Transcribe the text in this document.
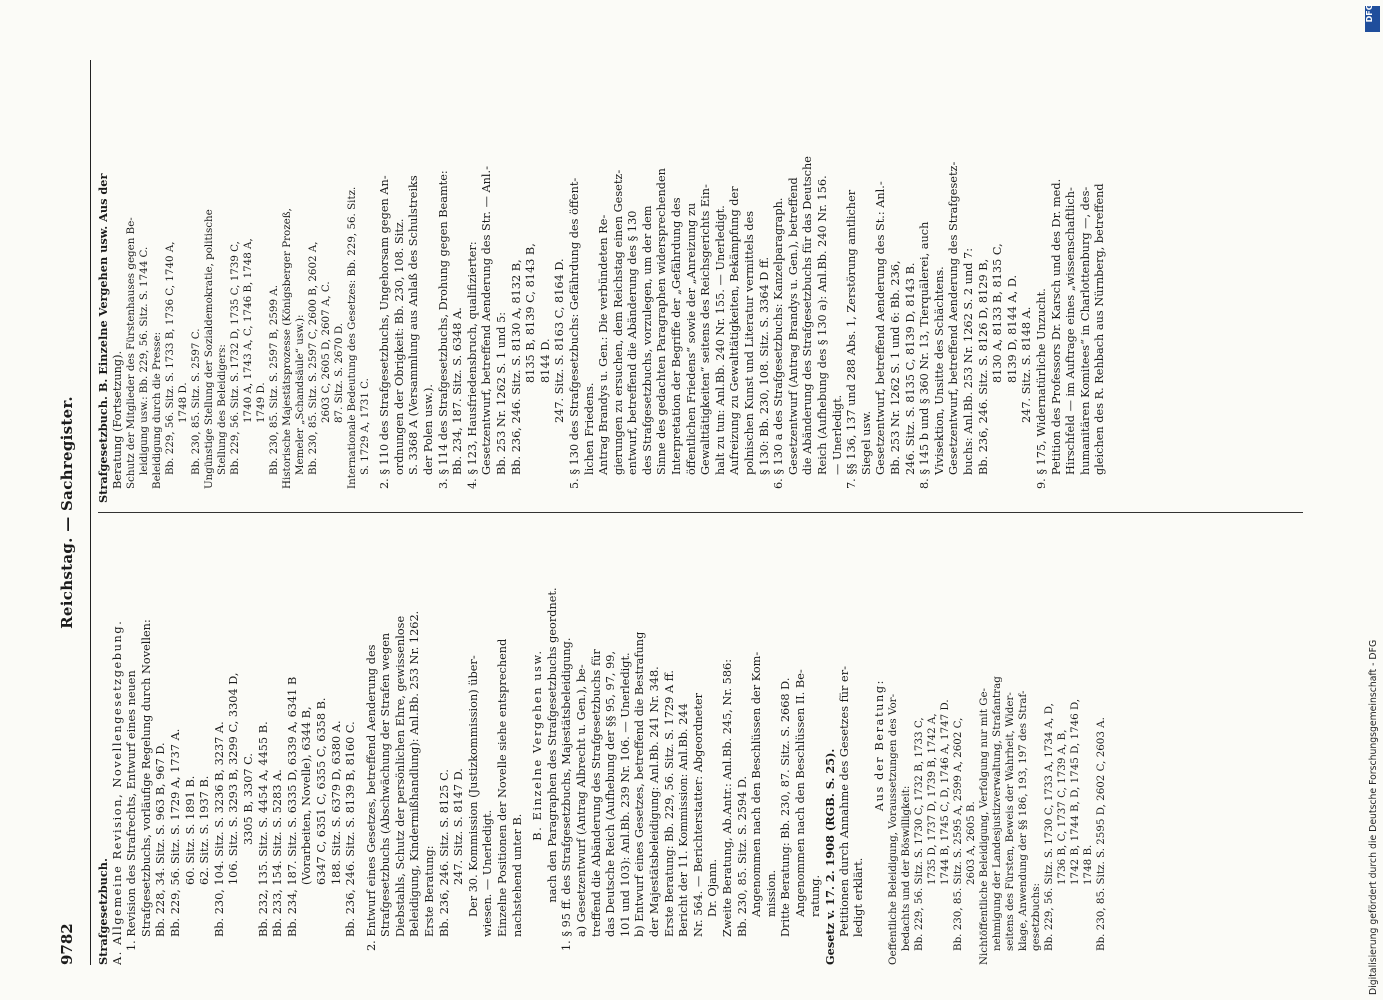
9782
Reichstag. — Sachregister.
Strafgesetzbuch. A. Allgemeine Revision, Novellengesetzgebung. 1. Revision des Strafrechts, Entwurf eines neuen Strafgesetzbuchs, vorläufige Regelung durch Novellen: Bb. 228, 34. Sitz. S. 963 B, 967 D. Bb. 229, 56. Sitz. S. 1729 A, 1737 A. 60. Sitz. S. 1891 B. 62. Sitz. S. 1937 B. Bb. 230, 104. Sitz. S. 3236 B, 3237 A. 106. Sitz. S. 3293 B, 3299 C, 3304 D, 3305 B, 3307 C. Bb. 232, 135. Sitz. S. 4454 A, 4455 B. Bb. 233, 154. Sitz. S. 5283 A. Bb. 234, 187. Sitz. S. 6335 D, 6339 A, 6341 B (Vorarbeiten, Novelle), 6344 B, 6347 C, 6351 C, 6355 C, 6358 B. 188. Sitz. S. 6379 D, 6380 A. Bb. 236, 246. Sitz. S. 8139 B, 8160 C. 2. Entwurf eines Gesetzes, betreffend Aenderung des Strafgesetzbuchs (Abschwächung der Strafen wegen Diebstahls, Schutz der persönlichen Ehre, gewissenlose Beleidigung, Kindermißhandlung): Anl.Bb. 253 Nr. 1262. Erste Beratung: Bb. 236, 246. Sitz. S. 8125 C. 247. Sitz. S. 8147 D. Der 30. Kommission (Justizkommission) über- wiesen. — Unerledigt. Einzelne Positionen der Novelle siehe entsprechend nachstehend unter B.
B. Einzelne Vergehen usw. nach den Paragraphen des Strafgesetzbuchs geordnet. 1. § 95 ff. des Strafgesetzbuchs, Majestätsbeleidigung. a) Gesetzentwurf (Antrag Albrecht u. Gen.), be- treffend die Abänderung des Strafgesetzbuchs für das Deutsche Reich (Aufhebung der §§ 95, 97, 99, 101 und 103): Anl.Bb. 239 Nr. 106. — Unerledigt. b) Entwurf eines Gesetzes, betreffend die Bestrafung der Majestätsbeleidigung: Anl.Bb. 241 Nr. 348. Erste Beratung: Bb. 229, 56. Sitz. S. 1729 A ff. Bericht der 11. Kommission: Anl.Bb. 244 Nr. 564. — Berichterstatter: Abgeordneter Dr. Ojann. Zweite Beratung, Ab.Antr.: Anl.Bb. 245, Nr. 586: Bb. 230, 85. Sitz. S. 2594 D. Angenommen nach den Beschlüssen der Kom- mission. Dritte Beratung: Bb. 230, 87. Sitz. S. 2668 D. Angenommen nach den Beschlüssen II. Be- ratung. Gesetz v. 17. 2. 1908 (RGB. S. 25). Petitionen durch Annahme des Gesetzes für er- ledigt erklärt.
Aus der Beratung: Oeffentliche Beleidigung, Voraussetzungen des Vor- bedachts und der Böswilligkeit: Bb. 229, 56. Sitz. S. 1730 C, 1732 B, 1733 C, 1735 D, 1737 D, 1739 B, 1742 A, 1744 B, 1745 C, D, 1746 A, 1747 D. Bb. 230, 85. Sitz. S. 2595 A, 2599 A, 2602 C, 2603 A, 2605 B. Nichtöffentliche Beleidigung, Verfolgung nur mit Ge- nehmigung der Landesjustizverwaltung, Strafantrag seitens des Fürsten, Beweis der Wahrheit, Wider- klage, Anwendung der §§ 186, 193, 197 des Straf- gesetzbuchs: Bb. 229, 56. Sitz. S. 1730 C, 1733 A, 1734 A, D, 1736 B, C, 1737 C, 1739 A, B, 1742 B, 1744 B, D, 1745 D, 1746 D, 1748 B. Bb. 230, 85. Sitz. S. 2595 D, 2602 C, 2603 A.
Strafgesetzbuch. B. Einzelne Vergehen usw. Aus der Beratung (Fortsetzung). Schutz der Mitglieder des Fürstenhauses gegen Be- leidigung usw.: Bb. 229, 56. Sitz. S. 1744 C. Beleidigung durch die Presse: Bb. 229, 56. Sitz. S. 1733 B, 1736 C, 1740 A, 1748 D. Bb. 230, 85. Sitz. S. 2597 C. Ungünstige Stellung der Sozialdemokratie, politische Stellung des Beleidigers: Bb. 229, 56. Sitz. S. 1732 D, 1735 C, 1739 C, 1740 A, 1743 A, C, 1746 B, 1748 A, 1749 D. Bb. 230, 85. Sitz. S. 2597 B, 2599 A. Historische Majestätsprozesse (Königsberger Prozeß, Memeler „Schandsäule“ usw.): Bb. 230, 85. Sitz. S. 2597 C, 2600 B, 2602 A, 2603 C, 2605 D, 2607 A, C. 87. Sitz. S. 2670 D. Internationale Bedeutung des Gesetzes: Bb. 229, 56. Sitz. S. 1729 A, 1731 C. 2. § 110 des Strafgesetzbuchs, Ungehorsam gegen An- ordnungen der Obrigkeit: Bb. 230, 108. Sitz. S. 3368 A (Versammlung aus Anlaß des Schulstreiks der Polen usw.). 3. § 114 des Strafgesetzbuchs, Drohung gegen Beamte: Bb. 234, 187. Sitz. S. 6348 A. 4. § 123, Hausfriedensbruch, qualifizierter: Gesetzentwurf, betreffend Aenderung des Str. — Anl.- Bb. 253 Nr. 1262 S. 1 und 5: Bb. 236, 246. Sitz. S. 8130 A, 8132 B, 8135 B, 8139 C, 8143 B, 8144 D. 247. Sitz. S. 8163 C, 8164 D. 5. § 130 des Strafgesetzbuchs: Gefährdung des öffent- lichen Friedens. Antrag Brandys u. Gen.: Die verbündeten Re- gierungen zu ersuchen, dem Reichstag einen Gesetz- entwurf, betreffend die Abänderung des § 130 des Strafgesetzbuchs, vorzulegen, um der dem Sinne des gedachten Paragraphen widersprechenden Interpretation der Begriffe der „Gefährdung des öffentlichen Friedens“ sowie der „Anreizung zu Gewalttätigkeiten“ seitens des Reichsgerichts Ein- halt zu tun: Anl.Bb. 240 Nr. 155. — Unerledigt. Aufreizung zu Gewalttätigkeiten, Bekämpfung der polnischen Kunst und Literatur vermittels des § 130: Bb. 230, 108. Sitz. S. 3364 D ff. 6. § 130 a des Strafgesetzbuchs: Kanzelparagraph. Gesetzentwurf (Antrag Brandys u. Gen.), betreffend die Abänderung des Strafgesetzbuchs für das Deutsche Reich (Aufhebung des § 130 a): Anl.Bb. 240 Nr. 156. — Unerledigt. 7. §§ 136, 137 und 288 Abs. 1, Zerstörung amtlicher Siegel usw. Gesetzentwurf, betreffend Aenderung des St.: Anl.- Bb. 253 Nr. 1262 S. 1 und 6: Bb. 236, 246. Sitz. S. 8135 C, 8139 D, 8143 B. 8. § 145 b und § 360 Nr. 13, Tierquälerei, auch Vivisektion, Unsitte des Schächtens. Gesetzentwurf, betreffend Aenderung des Strafgesetz- buchs: Anl.Bb. 253 Nr. 1262 S. 2 und 7: Bb. 236, 246. Sitz. S. 8126 D, 8129 B, 8130 A, 8133 B, 8135 C, 8139 D, 8144 A, D. 247. Sitz. S. 8148 A. 9. § 175, Widernatürliche Unzucht. Petition des Professors Dr. Karsch und des Dr. med. Hirschfeld — im Auftrage eines „wissenschaftlich- humanitären Komitees“ in Charlottenburg —, des- gleichen des R. Rehbach aus Nürnberg, betreffend
Digitalisierung gefördert durch die Deutsche Forschungsgemeinschaft - DFG
DFG
